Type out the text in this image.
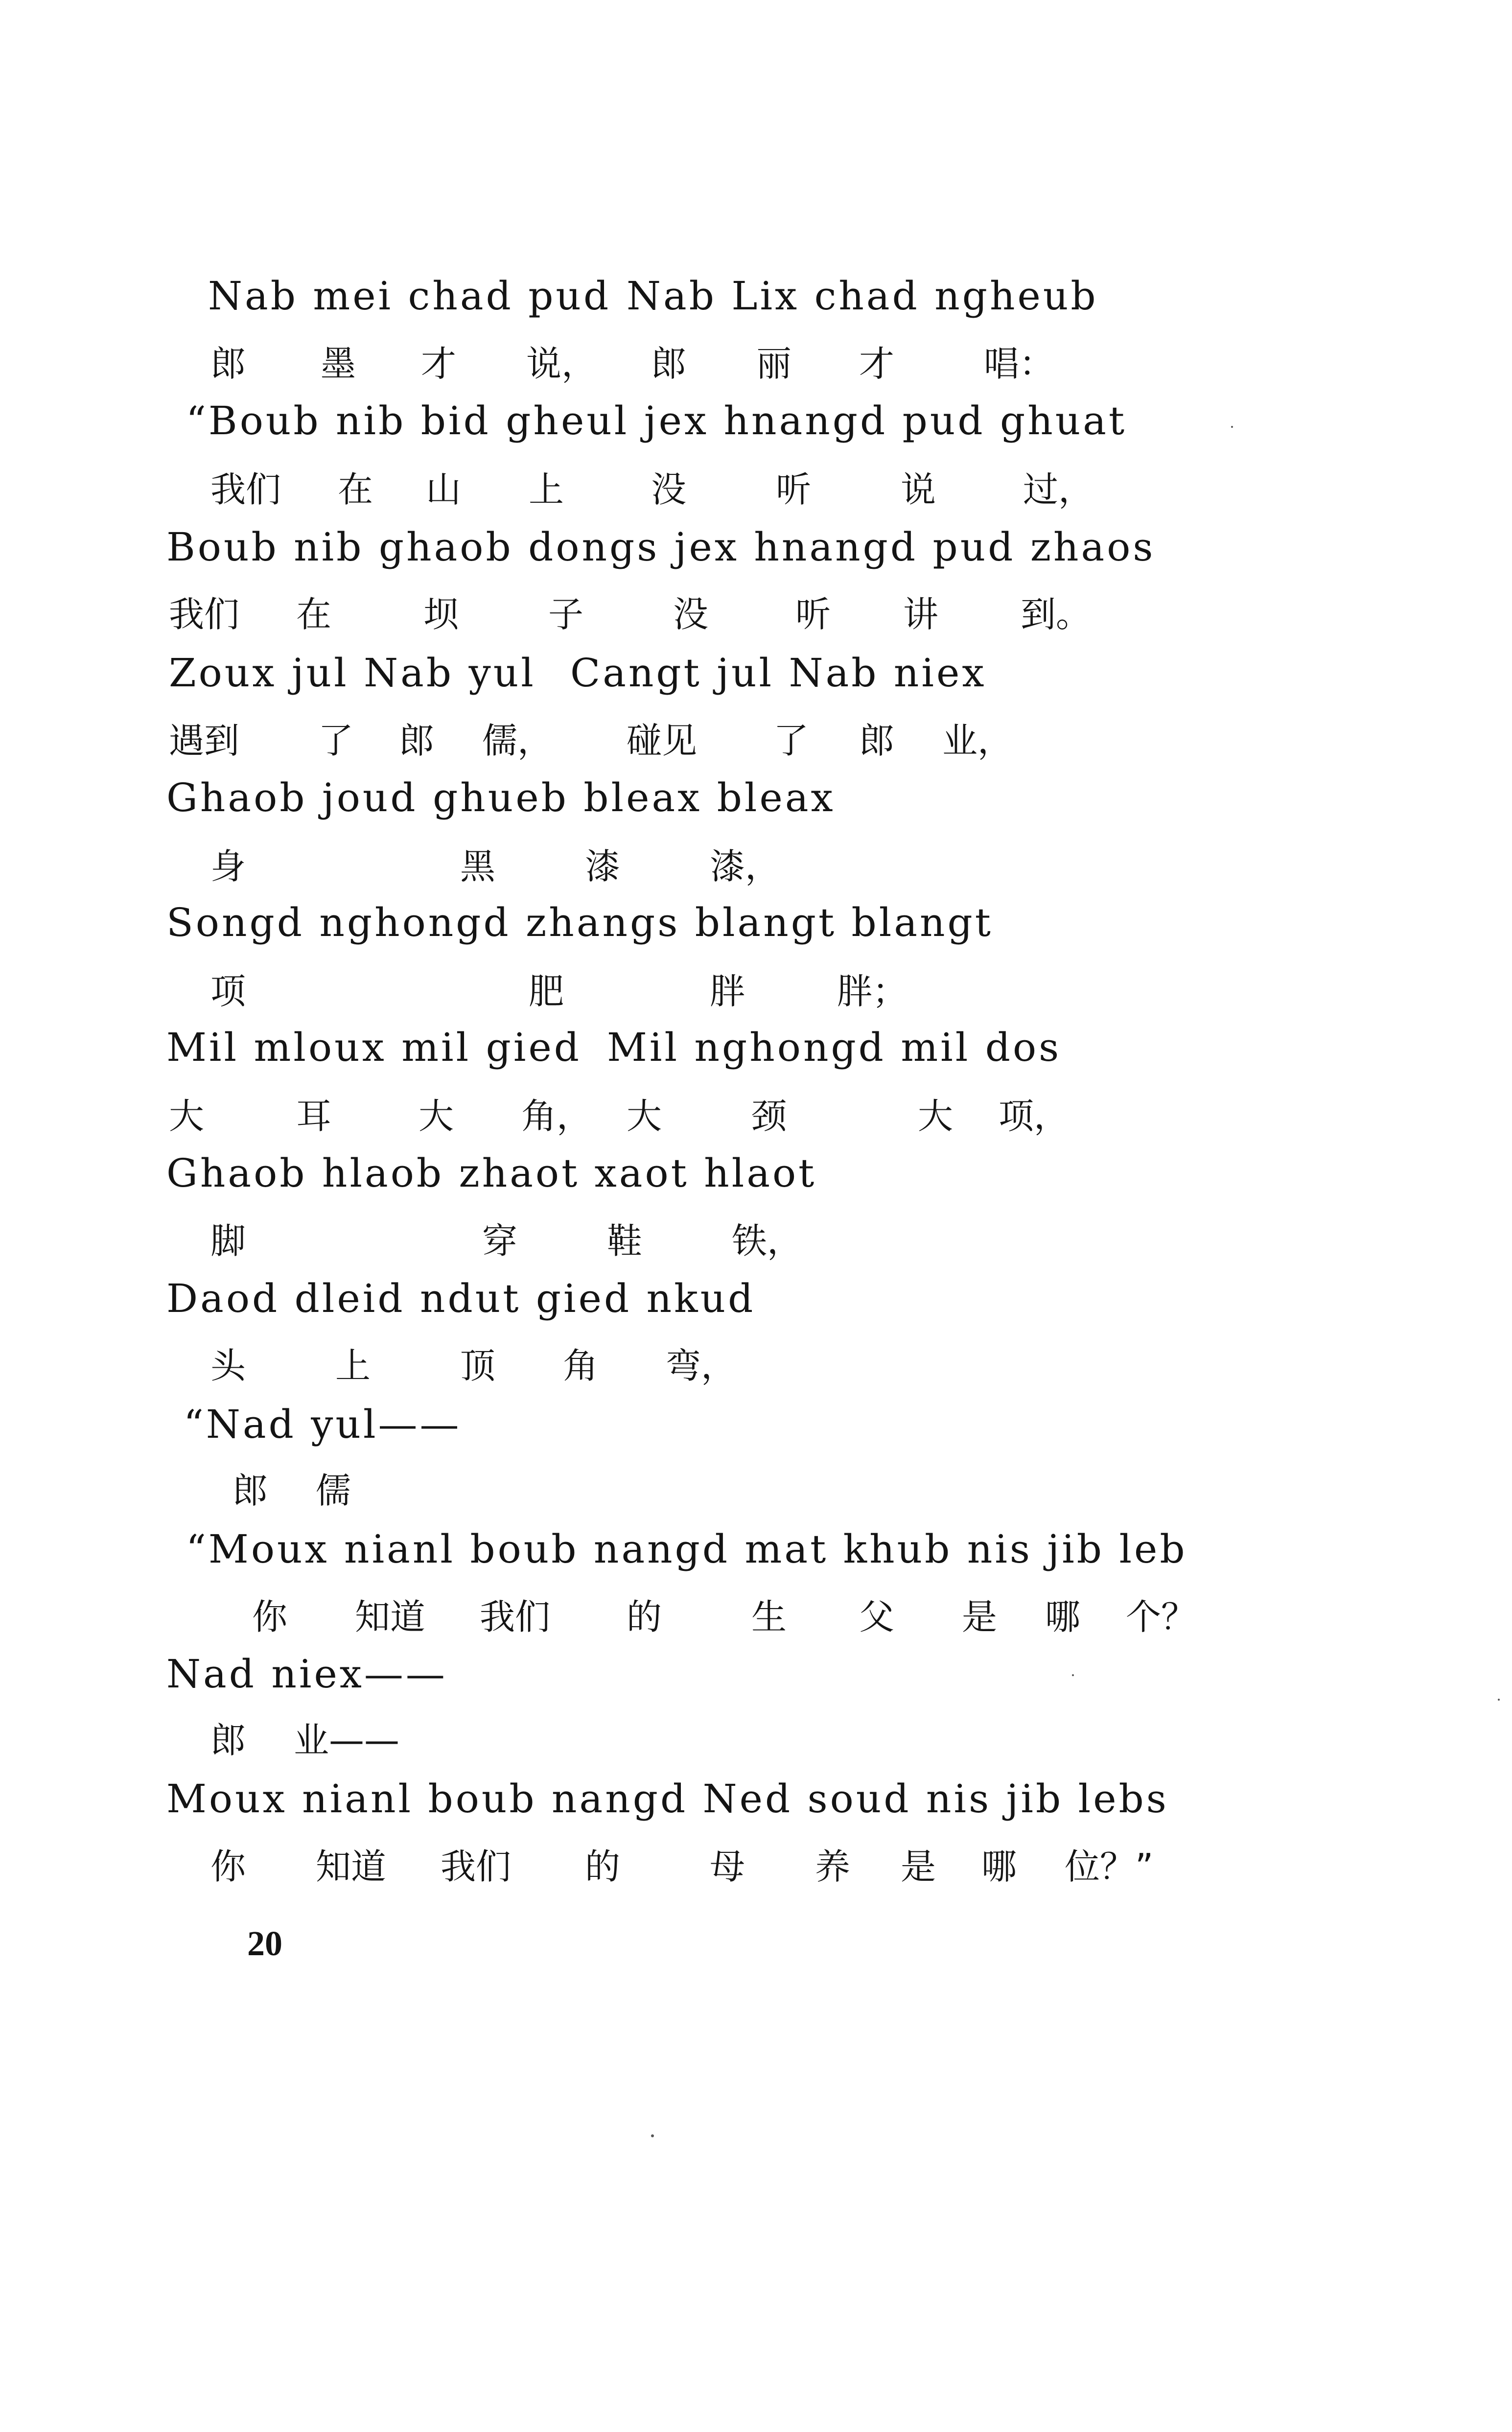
Nab mei chad pud

Nab Lix chad ngheub

郎

墨

才

说，

郎

丽

才

	唱：

“Boub nib bid gheul jex hnangd pud ghuat

我们

在

山

上

没

	听

	说

过，

Boub nib ghaob dongs jex hnangd pud zhaos

我们

在

	坝

	子

	没

听

讲

到。

Zoux jul Nab yul

Cangt jul Nab niex

遇到

了

郎

儒，

碰见

了

郎

业，

Ghaob joud ghueb bleax bleax

身

	黑

	漆

	漆，

Songd nghongd zhangs blangt blangt

项

	肥

	胖

	胖；

Mil mloux mil gied

Mil nghongd mil dos

大

	耳

大

角，

大

	颈

	大

项，

Ghaob hlaob zhaot xaot hlaot

脚

	穿

	鞋

	铁，

Daod dleid ndut gied nkud

头

	上

	顶

角

弯，

“Nad yul——

郎

儒

“Moux nianl boub nangd mat khub nis jib leb

你

知道

我们

的

	生

父

是

哪

个？

Nad niex——

郎

业——

Moux nianl boub nangd Ned soud nis jib lebs

你

知道

我们

的

	母

养

是

哪

位？”

20
